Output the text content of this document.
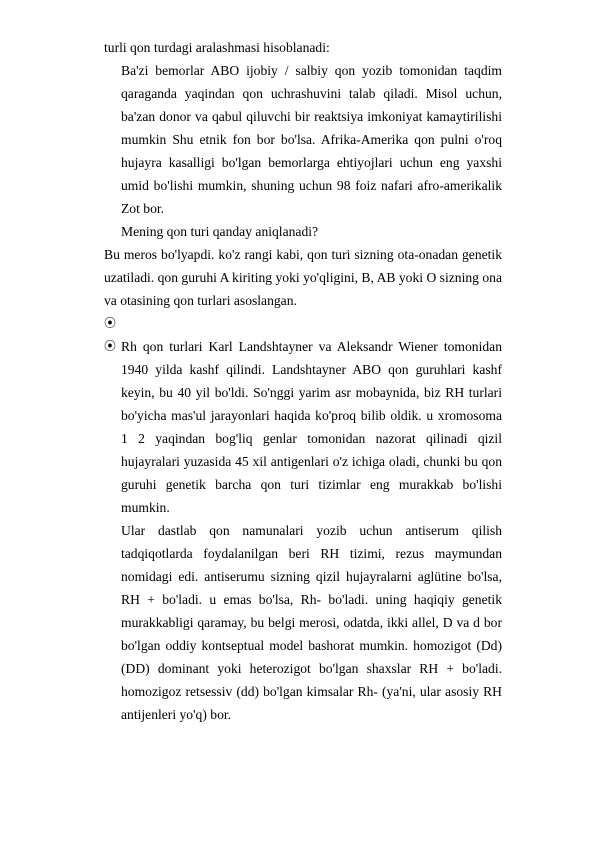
turli qon turdagi aralashmasi hisoblanadi:

Ba'zi bemorlar ABO ijobiy / salbiy qon yozib tomonidan taqdim qaraganda yaqindan qon uchrashuvini talab qiladi. Misol uchun, ba'zan donor va qabul qiluvchi bir reaktsiya imkoniyat kamaytirilishi mumkin Shu etnik fon bor bo'lsa. Afrika-Amerika qon pulni o'roq hujayra kasalligi bo'lgan bemorlarga ehtiyojlari uchun eng yaxshi umid bo'lishi mumkin, shuning uchun 98 foiz nafari afro-amerikalik Zot bor.

Mening qon turi qanday aniqlanadi?

Bu meros bo'lyapdi. ko'z rangi kabi, qon turi sizning ota-onadan genetik uzatiladi. qon guruhi A kiriting yoki yo'qligini, B, AB yoki O sizning ona va otasining qon turlari asoslangan.

⦿
⦿ Rh qon turlari Karl Landshtayner va Aleksandr Wiener tomonidan 1940 yilda kashf qilindi. Landshtayner ABO qon guruhlari kashf keyin, bu 40 yil bo'ldi. So'nggi yarim asr mobaynida, biz RH turlari bo'yicha mas'ul jarayonlari haqida ko'proq bilib oldik. u xromosoma 1 2 yaqindan bog'liq genlar tomonidan nazorat qilinadi qizil hujayralari yuzasida 45 xil antigenlari o'z ichiga oladi, chunki bu qon guruhi genetik barcha qon turi tizimlar eng murakkab bo'lishi mumkin.

Ular dastlab qon namunalari yozib uchun antiserum qilish tadqiqotlarda foydalanilgan beri RH tizimi, rezus maymundan nomidagi edi. antiserumu sizning qizil hujayralarni aglütine bo'lsa, RH + bo'ladi. u emas bo'lsa, Rh- bo'ladi. uning haqiqiy genetik murakkabligi qaramay, bu belgi merosi, odatda, ikki allel, D va d bor bo'lgan oddiy kontseptual model bashorat mumkin. homozigot (Dd) (DD) dominant yoki heterozigot bo'lgan shaxslar RH + bo'ladi. homozigoz retsessiv (dd) bo'lgan kimsalar Rh- (ya'ni, ular asosiy RH antijenleri yo'q) bor.
